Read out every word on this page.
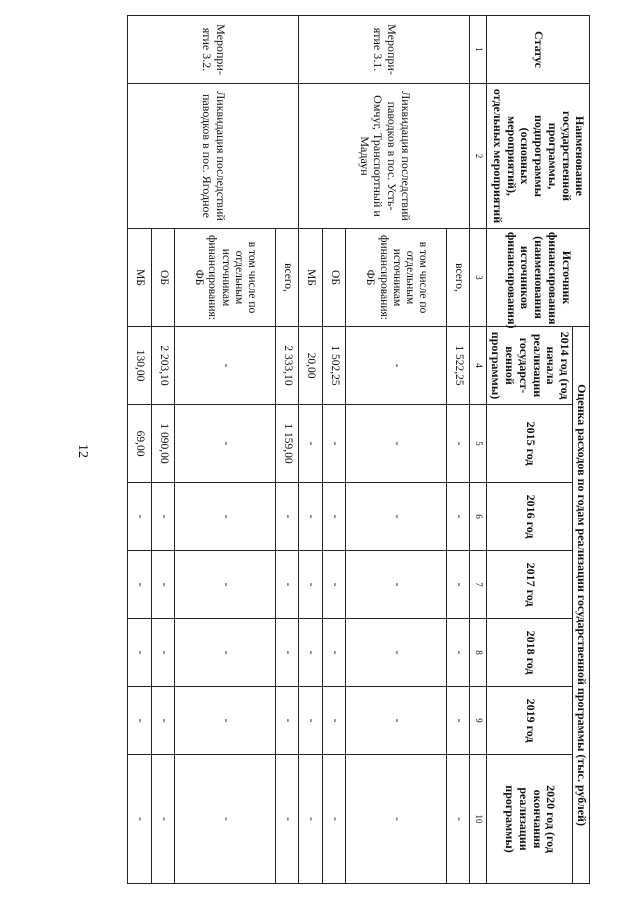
12
Статус	Наименование государственной программы, подпрограммы (основных мероприятий), отдельных мероприятий	Источник финансирования (наименования источников финансирования)	Оценка расходов по годам реализации государственной программы (тыс. рублей)						
			2014 год (год начала реализации государст-венной программы)	2015 год	2016 год	2017 год	2018 год	2019 год	2020 год (год окончания реализации программы)
1	2	3	4	5	6	7	8	9	10
Меропри-ятие 3.1.	Ликвидация последствий паводков в пос. Усть-Омчуг, Транспортный и Мадаун	всего,	1 522,25	-	-	-	-	-	-
		в том числе по отдельным источникам финансирования: ФБ	-	-	-	-	-	-	-
		ОБ	1 502,25	-	-	-	-	-	-
		МБ	20,00	-	-	-	-	-	-
Меропри-ятие 3.2.	Ликвидация последствий паводков в пос. Ягодное	всего,	2 333,10	1 159,00	-	-	-	-	-
		в том числе по отдельным источникам финансирования: ФБ	-	-	-	-	-	-	-
		ОБ	2 203,10	1 090,00	-	-	-	-	-
		МБ	130,00	69,00	-	-	-	-	-
